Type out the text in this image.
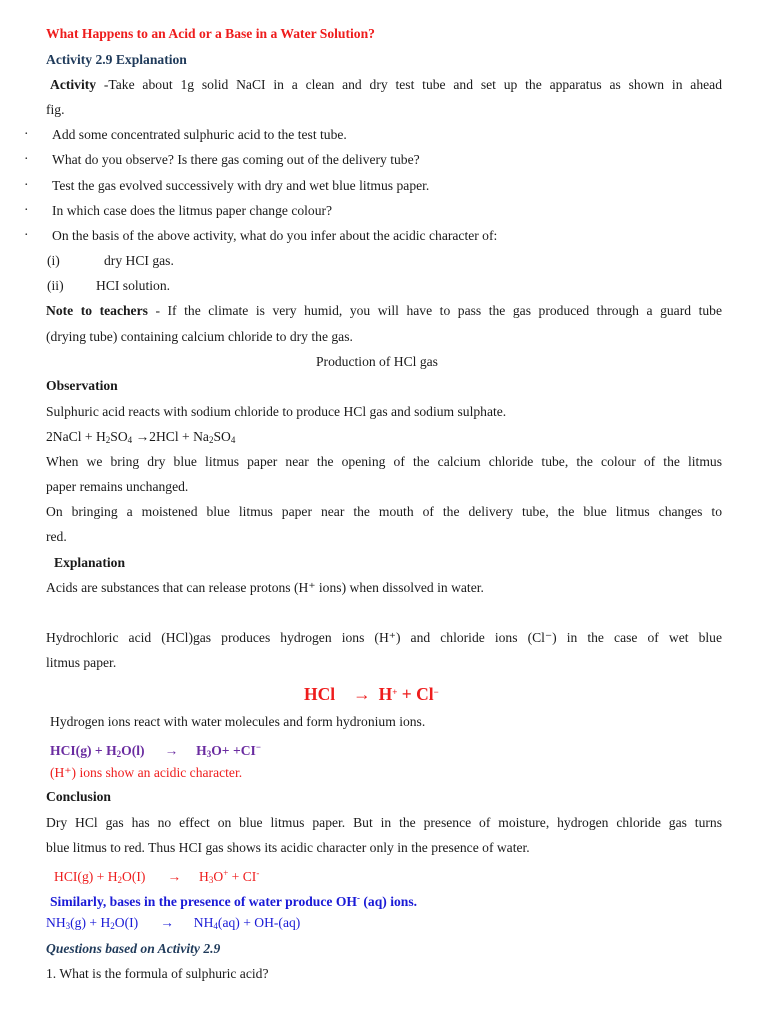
What Happens to an Acid or a Base in a Water Solution?
Activity 2.9 Explanation
Activity -Take about 1g solid NaCI in a clean and dry test tube and set up the apparatus as shown in ahead
fig.
· Add some concentrated sulphuric acid to the test tube.
· What do you observe? Is there gas coming out of the delivery tube?
· Test the gas evolved successively with dry and wet blue litmus paper.
· In which case does the litmus paper change colour?
· On the basis of the above activity, what do you infer about the acidic character of:
(i)	dry HCI gas.
(ii)	HCI solution.
Note to teachers - If the climate is very humid, you will have to pass the gas produced through a guard tube
(drying tube) containing calcium chloride to dry the gas.
Production of HCl gas
Observation
Sulphuric acid reacts with sodium chloride to produce HCl gas and sodium sulphate.
2NaCl + $H_2SO_4 \to 2HCl + Na_2SO_4$
When we bring dry blue litmus paper near the opening of the calcium chloride tube, the colour of the litmus
paper remains unchanged.
On bringing a moistened blue litmus paper near the mouth of the delivery tube, the blue litmus changes to
red.
Explanation
Acids are substances that can release protons (H⁺ ions) when dissolved in water.
Hydrochloric acid (HCl)gas produces hydrogen ions (H⁺) and chloride ions (Cl⁻) in the case of wet blue
litmus paper.
HCl → H+ + Cl−
Hydrogen ions react with water molecules and form hydronium ions.
$HCI(g) + H_2O(l) \to H_3O+ +CI^-$
(H⁺) ions show an acidic character.
Conclusion
Dry HCl gas has no effect on blue litmus paper. But in the presence of moisture, hydrogen chloride gas turns
blue litmus to red. Thus HCI gas shows its acidic character only in the presence of water.
$HCI(g) + H_2O(I) \to H_3O^+ + CI^-$
Similarly, bases in the presence of water produce OH- (aq) ions.
$NH_3(g) + H_2O(I) \to NH_4(aq) + OH-(aq)$
Questions based on Activity 2.9
1. What is the formula of sulphuric acid?
